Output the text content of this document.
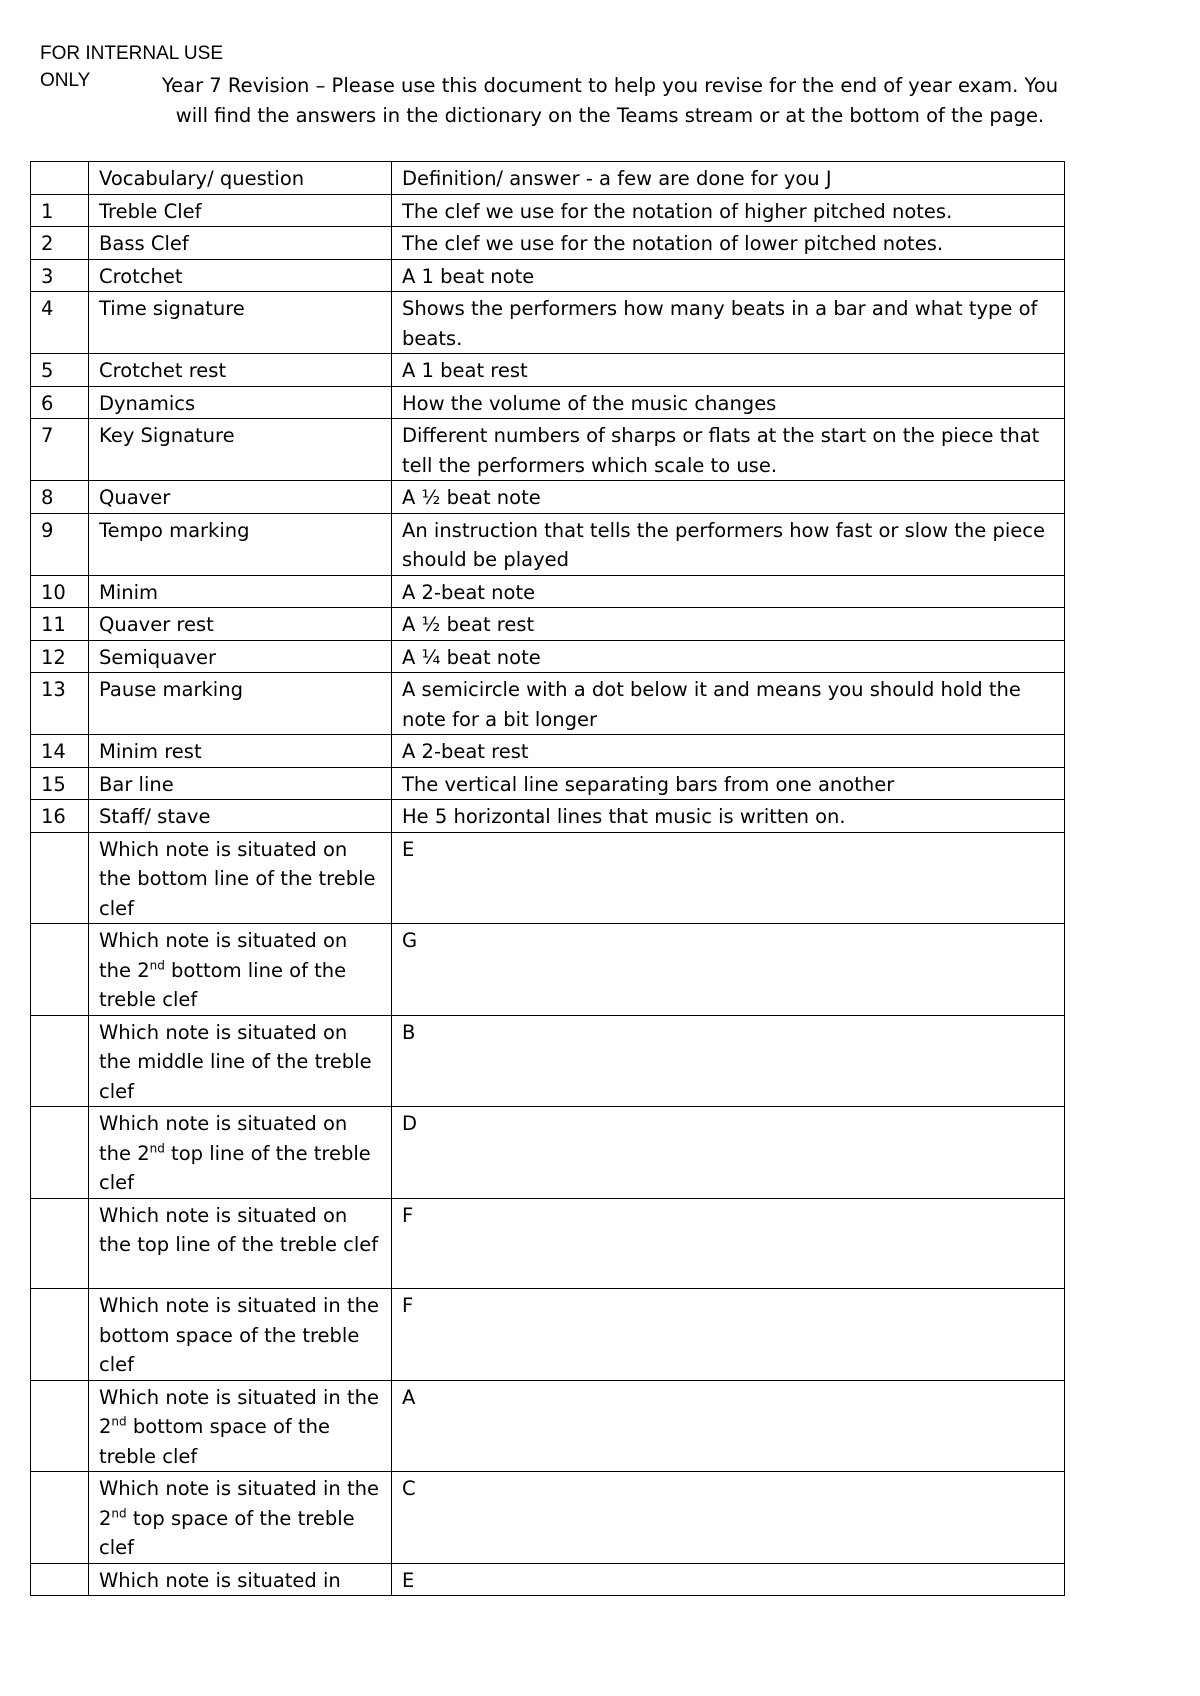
FOR INTERNAL USE ONLY	Year 7 Revision – Please use this document to help you revise for the end of year exam. You will find the answers in the dictionary on the Teams stream or at the bottom of the page.
	Vocabulary/ question	Definition/ answer - a few are done for you J
1	Treble Clef	The clef we use for the notation of higher pitched notes.
2	Bass Clef	The clef we use for the notation of lower pitched notes.
3	Crotchet	A 1 beat note
4	Time signature	Shows the performers how many beats in a bar and what type of beats.
5	Crotchet rest	A 1 beat rest
6	Dynamics	How the volume of the music changes
7	Key Signature	Different numbers of sharps or flats at the start on the piece that tell the performers which scale to use.
8	Quaver	A ½ beat note
9	Tempo marking	An instruction that tells the performers how fast or slow the piece should be played
10	Minim	A 2-beat note
11	Quaver rest	A ½ beat rest
12	Semiquaver	A ¼ beat note
13	Pause marking	A semicircle with a dot below it and means you should hold the note for a bit longer
14	Minim rest	A 2-beat rest
15	Bar line	The vertical line separating bars from one another
16	Staff/ stave	He 5 horizontal lines that music is written on.
	Which note is situated on the bottom line of the treble clef	E
	Which note is situated on the 2nd bottom line of the treble clef	G
	Which note is situated on the middle line of the treble clef	B
	Which note is situated on the 2nd top line of the treble clef	D
	Which note is situated on the top line of the treble clef	F
	Which note is situated in the bottom space of the treble clef	F
	Which note is situated in the 2nd bottom space of the treble clef	A
	Which note is situated in the 2nd top space of the treble clef	C
	Which note is situated in	E
